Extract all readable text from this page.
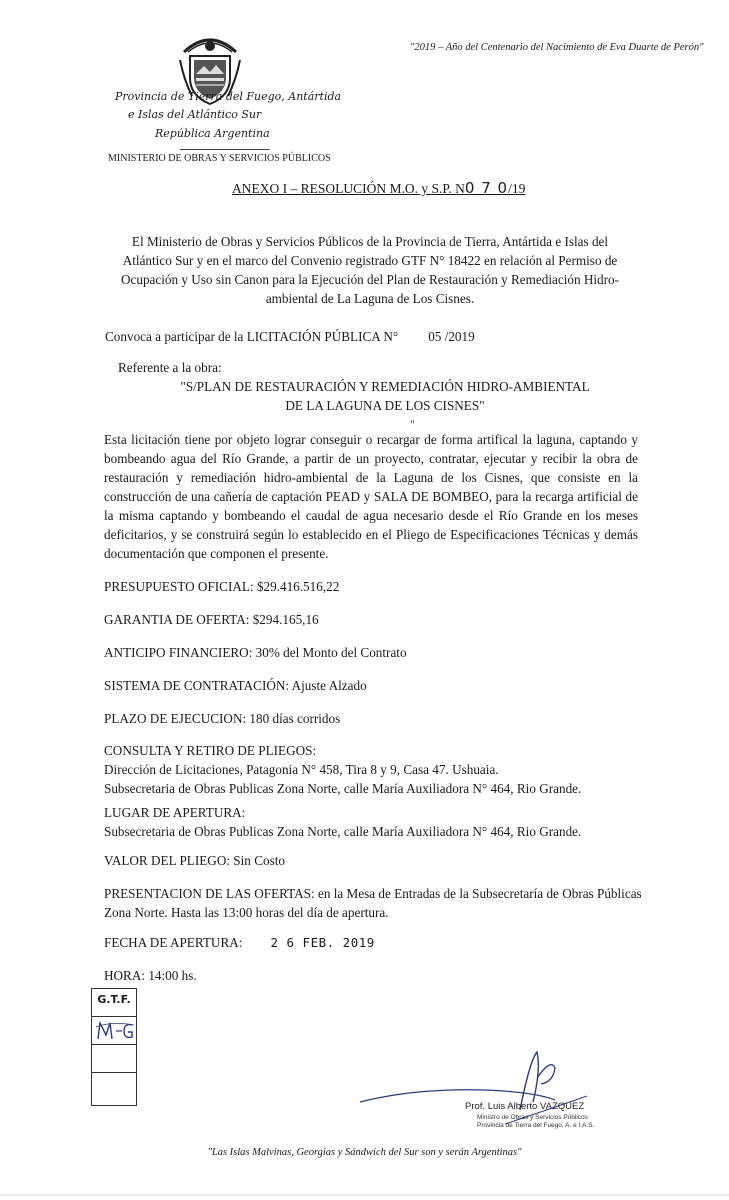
"2019 – Año del Centenario del Nacimiento de Eva Duarte de Perón"
Provincia de Tierra del Fuego, Antártida
e Islas del Atlántico Sur
República Argentina
MINISTERIO DE OBRAS Y SERVICIOS PÚBLICOS
ANEXO I – RESOLUCIÓN M.O. y S.P. N0 7 0/19
El Ministerio de Obras y Servicios Públicos de la Provincia de Tierra, Antártida e Islas del Atlántico Sur y en el marco del Convenio registrado GTF N° 18422 en relación al Permiso de Ocupación y Uso sin Canon para la Ejecución del Plan de Restauración y Remediación Hidro-ambiental de La Laguna de Los Cisnes.
Convoca a participar de la LICITACIÓN PÚBLICA N° 05 /2019
Referente a la obra:
"S/PLAN DE RESTAURACIÓN Y REMEDIACIÓN HIDRO-AMBIENTAL
DE LA LAGUNA DE LOS CISNES"
"
Esta licitación tiene por objeto lograr conseguir o recargar de forma artifical la laguna, captando y bombeando agua del Río Grande, a partir de un proyecto, contratar, ejecutar y recibir la obra de restauración y remediación hidro-ambiental de la Laguna de los Cisnes, que consiste en la construcción de una cañería de captación PEAD y SALA DE BOMBEO, para la recarga artificial de la misma captando y bombeando el caudal de agua necesario desde el Río Grande en los meses deficitarios, y se construirá según lo establecido en el Pliego de Especificaciones Técnicas y demás documentación que componen el presente.
PRESUPUESTO OFICIAL: $29.416.516,22
GARANTIA DE OFERTA: $294.165,16
ANTICIPO FINANCIERO: 30% del Monto del Contrato
SISTEMA DE CONTRATACIÓN: Ajuste Alzado
PLAZO DE EJECUCION: 180 días corridos
CONSULTA Y RETIRO DE PLIEGOS:
Dirección de Licitaciones, Patagonia N° 458, Tira 8 y 9, Casa 47. Ushuaia.
Subsecretaria de Obras Publicas Zona Norte, calle María Auxiliadora N° 464, Rio Grande.
LUGAR DE APERTURA:
Subsecretaria de Obras Publicas Zona Norte, calle María Auxiliadora N° 464, Rio Grande.
VALOR DEL PLIEGO: Sin Costo
PRESENTACION DE LAS OFERTAS: en la Mesa de Entradas de la Subsecretaría de Obras Públicas Zona Norte. Hasta las 13:00 horas del día de apertura.
FECHA DE APERTURA: 2 6 FEB. 2019
HORA: 14:00 hs.
G.T.F.
Prof. Luis Alberto VAZQUEZ
Ministro de Obras y Servicios Públicos
Provincia de Tierra del Fuego, A. e I.A.S.
"Las Islas Malvinas, Georgias y Sándwich del Sur son y serán Argentinas"
